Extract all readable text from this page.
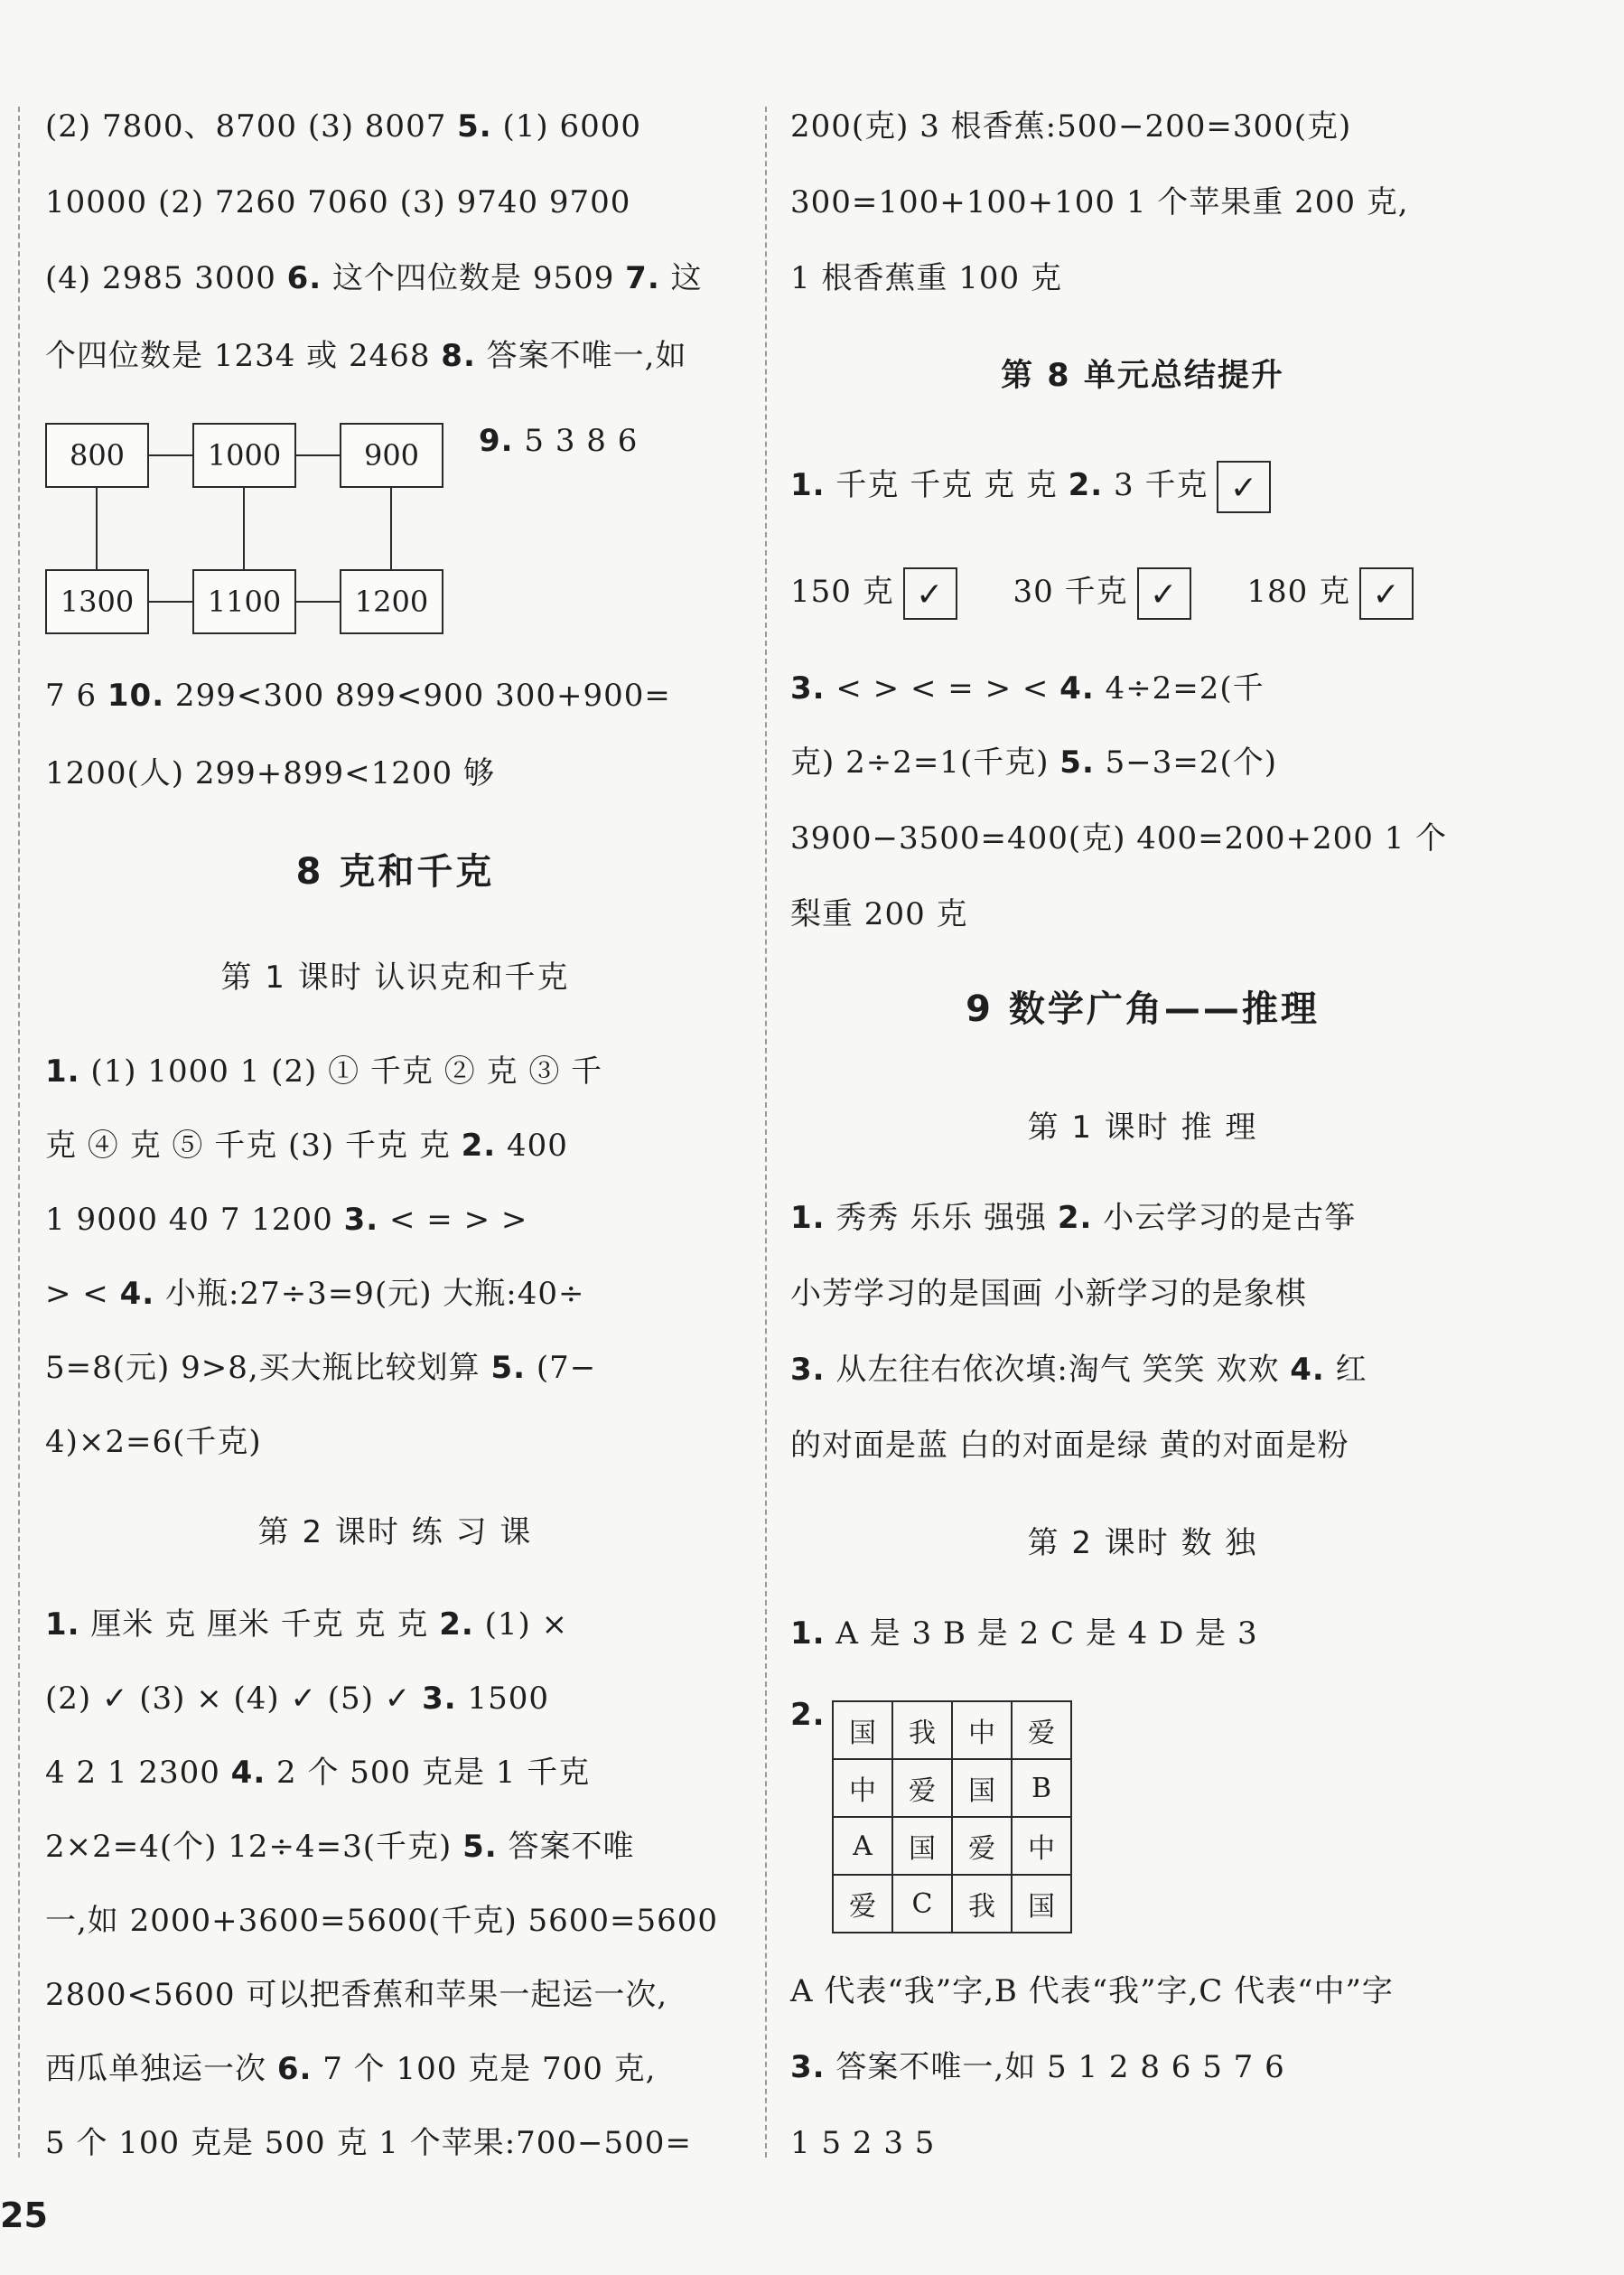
(2) 7800、8700 (3) 8007 5. (1) 6000
10000 (2) 7260 7060 (3) 9740 9700
(4) 2985 3000 6. 这个四位数是 9509 7. 这
个四位数是 1234 或 2468 8. 答案不唯一,如
800	1000	900
1300	1100	1200
9. 5 3 8 6
7 6 10. 299<300 899<900 300+900=
1200(人) 299+899<1200 够
8 克和千克
第 1 课时 认识克和千克
1. (1) 1000 1 (2) ① 千克 ② 克 ③ 千
克 ④ 克 ⑤ 千克 (3) 千克 克 2. 400
1 9000 40 7 1200 3. < = > >
> < 4. 小瓶:27÷3=9(元) 大瓶:40÷
5=8(元) 9>8,买大瓶比较划算 5. (7−
4)×2=6(千克)
第 2 课时 练 习 课
1. 厘米 克 厘米 千克 克 克 2. (1) ×
(2) ✓ (3) × (4) ✓ (5) ✓ 3. 1500
4 2 1 2300 4. 2 个 500 克是 1 千克
2×2=4(个) 12÷4=3(千克) 5. 答案不唯
一,如 2000+3600=5600(千克) 5600=5600
2800<5600 可以把香蕉和苹果一起运一次,
西瓜单独运一次 6. 7 个 100 克是 700 克,
5 个 100 克是 500 克 1 个苹果:700−500=
200(克) 3 根香蕉:500−200=300(克)
300=100+100+100 1 个苹果重 200 克,
1 根香蕉重 100 克
第 8 单元总结提升
1. 千克 千克 克 克 2. 3 千克 ✓
150 克 ✓ 30 千克 ✓ 180 克 ✓
3. < > < = > < 4. 4÷2=2(千
克) 2÷2=1(千克) 5. 5−3=2(个)
3900−3500=400(克) 400=200+200 1 个
梨重 200 克
9 数学广角——推理
第 1 课时 推 理
1. 秀秀 乐乐 强强 2. 小云学习的是古筝
小芳学习的是国画 小新学习的是象棋
3. 从左往右依次填:淘气 笑笑 欢欢 4. 红
的对面是蓝 白的对面是绿 黄的对面是粉
第 2 课时 数 独
1. A 是 3 B 是 2 C 是 4 D 是 3
2.
国	我	中	爱
中	爱	国	B
A	国	爱	中
爱	C	我	国
A 代表“我”字,B 代表“我”字,C 代表“中”字
3. 答案不唯一,如 5 1 2 8 6 5 7 6
1 5 2 3 5
25
